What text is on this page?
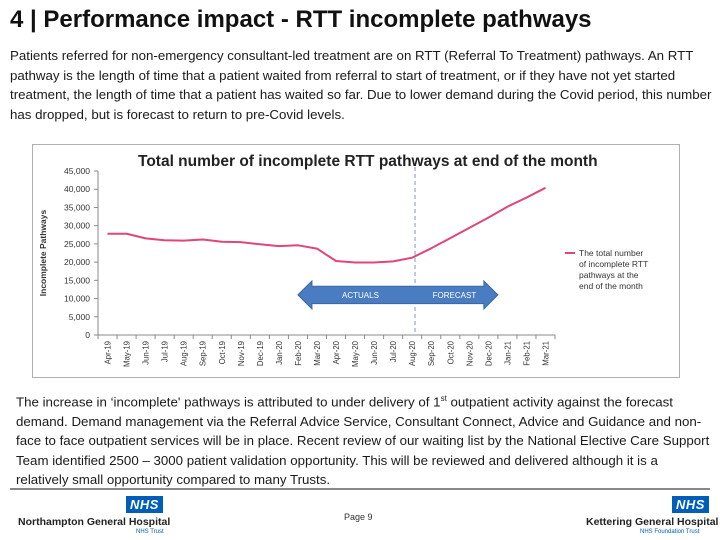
4 | Performance impact - RTT incomplete pathways
Patients referred for non-emergency consultant-led treatment are on RTT (Referral To Treatment) pathways. An RTT pathway is the length of time that a patient waited from referral to start of treatment, or if they have not yet started treatment, the length of time that a patient has waited so far. Due to lower demand during the Covid period, this number has dropped, but is forecast to return to pre-Covid levels.
Total number of incomplete RTT pathways at end of the month
Incomplete Pathways
0
5,000
10,000
15,000
20,000
25,000
30,000
35,000
40,000
45,000
Apr-19 May-19 Jun-19 Jul-19 Aug-19 Sep-19 Oct-19 Nov-19 Dec-19 Jan-20 Feb-20 Mar-20 Apr-20 May-20 Jun-20 Jul-20 Aug-20 Sep-20 Oct-20 Nov-20 Dec-20 Jan-21 Feb-21 Mar-21
ACTUALS	FORECAST
The total number
of incomplete RTT
pathways at the
end of the month
The increase in ‘incomplete' pathways is attributed to under delivery of 1st outpatient activity against the forecast demand. Demand management via the Referral Advice Service, Consultant Connect, Advice and Guidance and non-face to face outpatient services will be in place. Recent review of our waiting list by the National Elective Care Support Team identified 2500 – 3000 patient validation opportunity. This will be reviewed and delivered although it is a relatively small opportunity compared to many Trusts.
NHS
Northampton General Hospital
NHS Trust
Page 9
NHS
Kettering General Hospital
NHS Foundation Trust
